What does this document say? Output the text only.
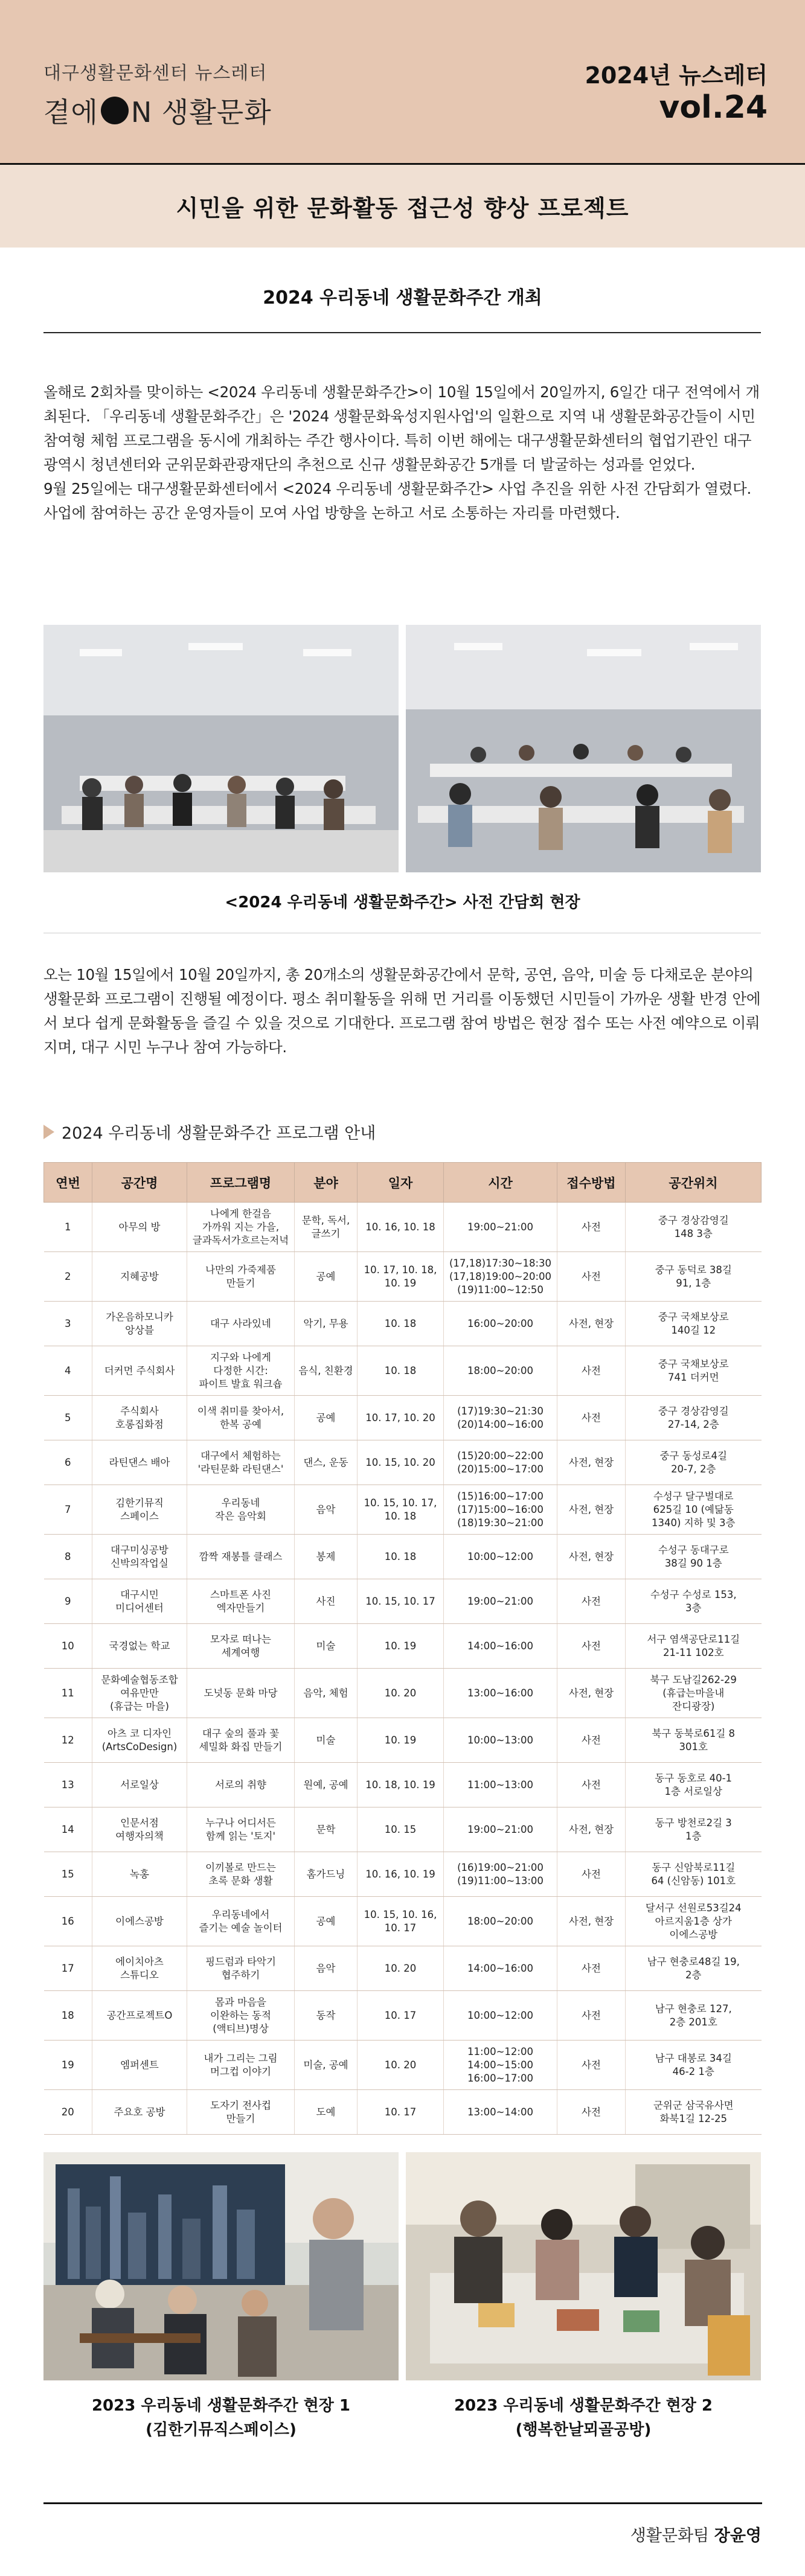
대구생활문화센터 뉴스레터
곁에 N 생활문화
2024년 뉴스레터
vol.24
시민을 위한 문화활동 접근성 향상 프로젝트
2024 우리동네 생활문화주간 개최

올해로 2회차를 맞이하는 <2024 우리동네 생활문화주간>이 10월 15일에서 20일까지, 6일간 대구 전역에서 개최된다. 「우리동네 생활문화주간」은 '2024 생활문화육성지원사업'의 일환으로 지역 내 생활문화공간들이 시민 참여형 체험 프로그램을 동시에 개최하는 주간 행사이다. 특히 이번 해에는 대구생활문화센터의 협업기관인 대구광역시 청년센터와 군위문화관광재단의 추천으로 신규 생활문화공간 5개를 더 발굴하는 성과를 얻었다.

9월 25일에는 대구생활문화센터에서 <2024 우리동네 생활문화주간> 사업 추진을 위한 사전 간담회가 열렸다. 사업에 참여하는 공간 운영자들이 모여 사업 방향을 논하고 서로 소통하는 자리를 마련했다.

<2024 우리동네 생활문화주간> 사전 간담회 현장

오는 10월 15일에서 10월 20일까지, 총 20개소의 생활문화공간에서 문학, 공연, 음악, 미술 등 다채로운 분야의 생활문화 프로그램이 진행될 예정이다. 평소 취미활동을 위해 먼 거리를 이동했던 시민들이 가까운 생활 반경 안에서 보다 쉽게 문화활동을 즐길 수 있을 것으로 기대한다. 프로그램 참여 방법은 현장 접수 또는 사전 예약으로 이뤄지며, 대구 시민 누구나 참여 가능하다.

2024 우리동네 생활문화주간 프로그램 안내
연번	공간명	프로그램명	분야	일자	시간	접수방법	공간위치
1	아무의 방	나에게 한걸음
가까워 지는 가을,
글과독서가흐르는저녁	문학, 독서,
글쓰기	10. 16, 10. 18	19:00~21:00	사전	중구 경상감영길
148 3층
2	지혜공방	나만의 가죽제품
만들기	공예	10. 17, 10. 18,
10. 19	(17,18)17:30~18:30
(17,18)19:00~20:00
(19)11:00~12:50	사전	중구 동덕로 38길
91, 1층
3	가온음하모니카
앙상블	대구 사라있네	악기, 무용	10. 18	16:00~20:00	사전, 현장	중구 국채보상로
140길 12
4	더커먼 주식회사	지구와 나에게
다정한 시간:
파이트 발효 워크숍	음식, 친환경	10. 18	18:00~20:00	사전	중구 국채보상로
741 더커먼
5	주식회사
호롱집화점	이색 취미를 찾아서,
한복 공예	공예	10. 17, 10. 20	(17)19:30~21:30
(20)14:00~16:00	사전	중구 경상감영길
27-14, 2층
6	라틴댄스 배아	대구에서 체험하는
'라틴문화 라틴댄스'	댄스, 운동	10. 15, 10. 20	(15)20:00~22:00
(20)15:00~17:00	사전, 현장	중구 동성로4길
20-7, 2층
7	김한기뮤직
스페이스	우리동네
작은 음악회	음악	10. 15, 10. 17,
10. 18	(15)16:00~17:00
(17)15:00~16:00
(18)19:30~21:00	사전, 현장	수성구 달구벌대로
625길 10 (예닮동
1340) 지하 및 3층
8	대구미싱공방
신박의작업실	깜짝 재봉틀 클래스	봉제	10. 18	10:00~12:00	사전, 현장	수성구 동대구로
38길 90 1층
9	대구시민
미디어센터	스마트폰 사진
엑자만들기	사진	10. 15, 10. 17	19:00~21:00	사전	수성구 수성로 153,
3층
10	국경없는 학교	모자로 떠나는
세계여행	미술	10. 19	14:00~16:00	사전	서구 염색공단로11길
21-11 102호
11	문화예술협동조합
여유만만
(휴급는 마을)	도넛동 문화 마당	음악, 체험	10. 20	13:00~16:00	사전, 현장	북구 도남길262-29
(휴급는마을내
잔디광장)
12	아츠 코 디자인
(ArtsCoDesign)	대구 숲의 풀과 꽃
세밀화 화집 만들기	미술	10. 19	10:00~13:00	사전	북구 동북로61길 8
301호
13	서로일상	서로의 취향	원예, 공예	10. 18, 10. 19	11:00~13:00	사전	동구 동호로 40-1
1층 서로일상
14	인문서점
여행자의책	누구나 어디서든
함께 읽는 '토지'	문학	10. 15	19:00~21:00	사전, 현장	동구 방천로2길 3
1층
15	녹홍	이끼볼로 만드는
초록 문화 생활	홈가드닝	10. 16, 10. 19	(16)19:00~21:00
(19)11:00~13:00	사전	동구 신암북로11길
64 (신암동) 101호
16	이에스공방	우리동네에서
즐기는 예술 놀이터	공예	10. 15, 10. 16,
10. 17	18:00~20:00	사전, 현장	달서구 선원로53길24
아르지움1층 상가
이에스공방
17	에이치아츠
스튜디오	핑드럼과 타악기
협주하기	음악	10. 20	14:00~16:00	사전	남구 현충로48길 19,
2층
18	공간프로젝트O	몸과 마음을
이완하는 동적
(액티브)명상	동작	10. 17	10:00~12:00	사전	남구 현충로 127,
2층 201호
19	엠퍼센트	내가 그리는 그림
머그컵 이야기	미술, 공예	10. 20	11:00~12:00
14:00~15:00
16:00~17:00	사전	남구 대봉로 34길
46-2 1층
20	주요호 공방	도자기 전사컵
만들기	도예	10. 17	13:00~14:00	사전	군위군 삼국유사면
화북1길 12-25
2023 우리동네 생활문화주간 현장 1
(김한기뮤직스페이스)
2023 우리동네 생활문화주간 현장 2
(행복한날뫼골공방)
생활문화팀 장윤영
